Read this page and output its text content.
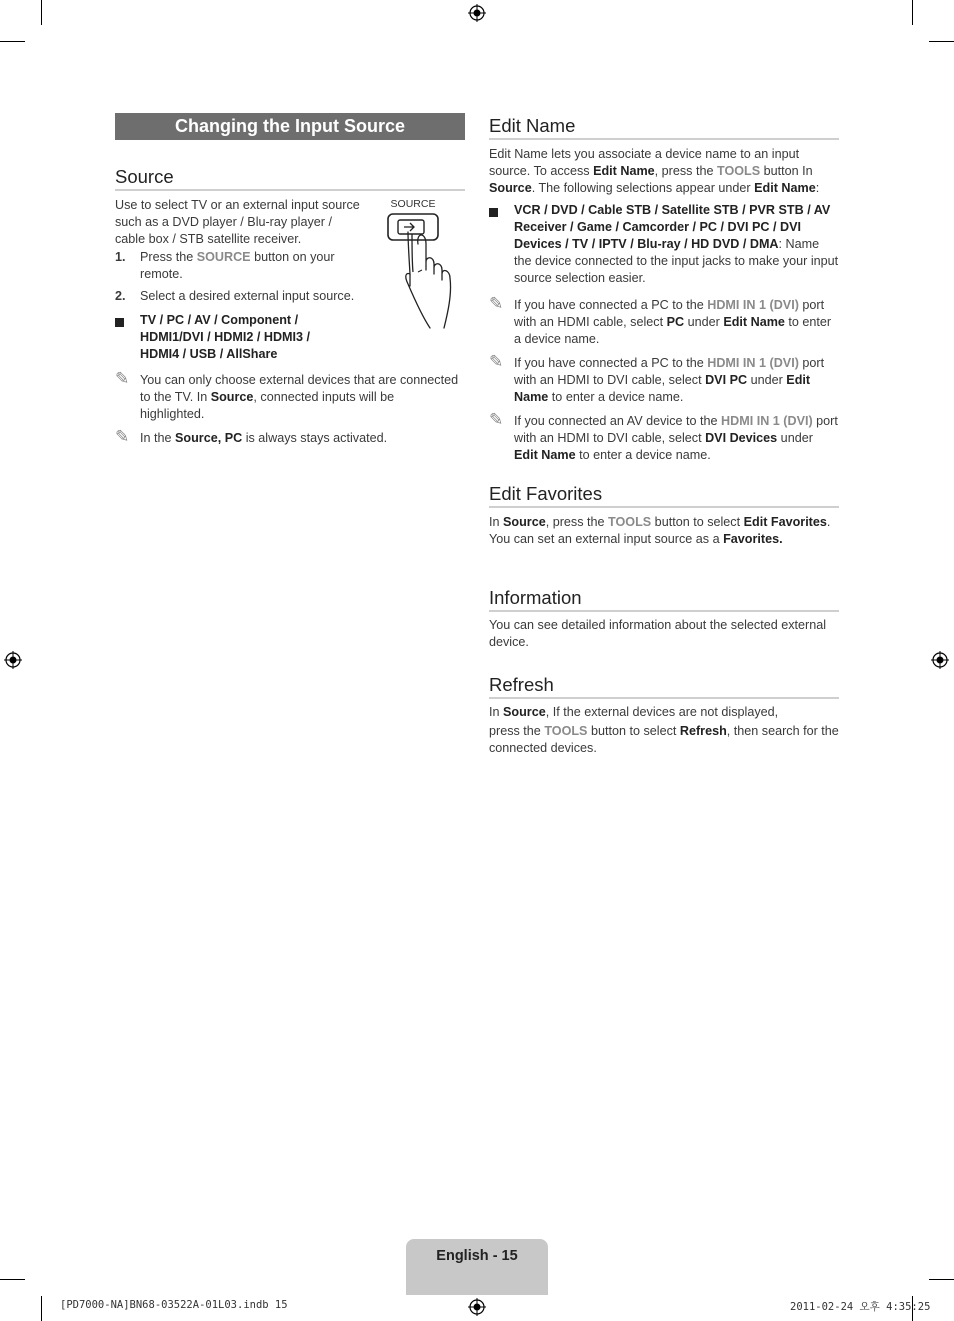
Changing the Input Source
Source

Use to select TV or an external input source such as a DVD player / Blu-ray player / cable box / STB satellite receiver.

SOURCE
1. Press the SOURCE button on your remote.
2. Select a desired external input source.
TV / PC / AV / Component / HDMI1/DVI / HDMI2 / HDMI3 / HDMI4 / USB / AllShare
✎ You can only choose external devices that are connected to the TV. In Source, connected inputs will be highlighted.
✎ In the Source, PC is always stays activated.
Edit Name

Edit Name lets you associate a device name to an input source. To access Edit Name, press the TOOLS button In Source. The following selections appear under Edit Name:

VCR / DVD / Cable STB / Satellite STB / PVR STB / AV Receiver / Game / Camcorder / PC / DVI PC / DVI Devices / TV / IPTV / Blu-ray / HD DVD / DMA: Name the device connected to the input jacks to make your input source selection easier.
✎ If you have connected a PC to the HDMI IN 1 (DVI) port with an HDMI cable, select PC under Edit Name to enter a device name.
✎ If you have connected a PC to the HDMI IN 1 (DVI) port with an HDMI to DVI cable, select DVI PC under Edit Name to enter a device name.
✎ If you connected an AV device to the HDMI IN 1 (DVI) port with an HDMI to DVI cable, select DVI Devices under Edit Name to enter a device name.
Edit Favorites

In Source, press the TOOLS button to select Edit Favorites. You can set an external input source as a Favorites.

Information

You can see detailed information about the selected external device.

Refresh

In Source, If the external devices are not displayed,

press the TOOLS button to select Refresh, then search for the connected devices.

English - 15
[PD7000-NA]BN68-03522A-01L03.indb 15	2011-02-24 오후 4:35:25
